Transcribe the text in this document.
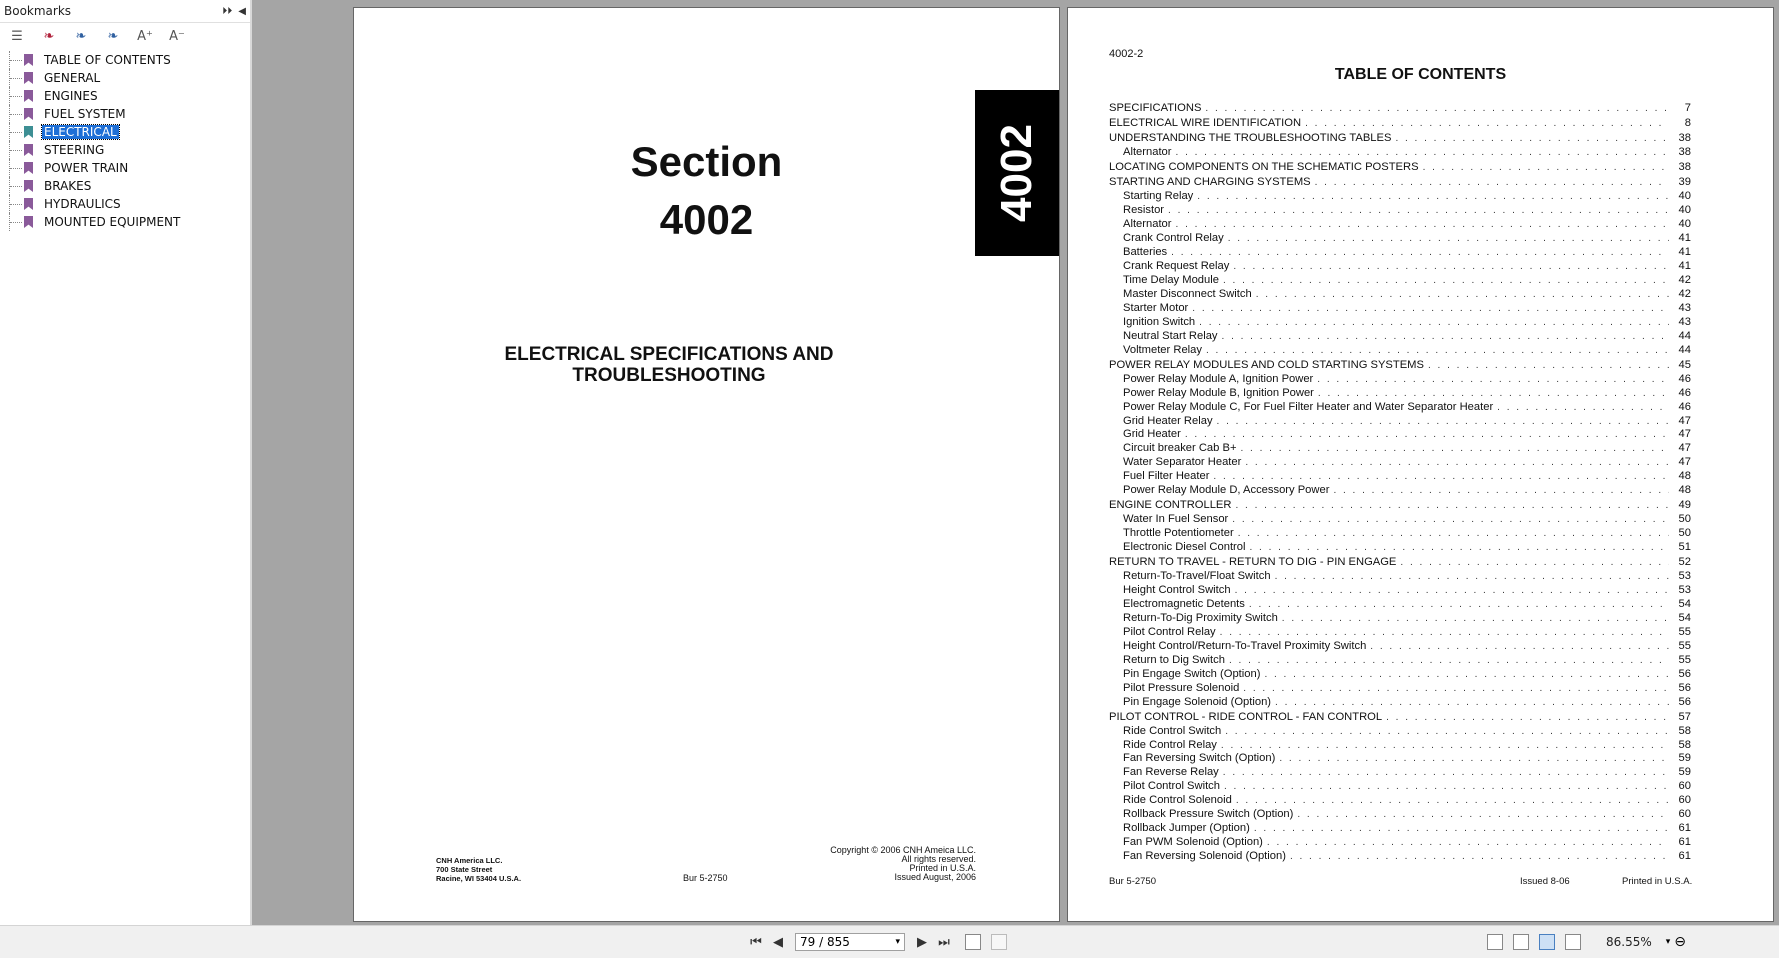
Bookmarks	⏵⏵ ◀
☰ ❧ ❧ ❧ A⁺ A⁻
TABLE OF CONTENTS
GENERAL
ENGINES
FUEL SYSTEM
ELECTRICAL
STEERING
POWER TRAIN
BRAKES
HYDRAULICS
MOUNTED EQUIPMENT
4002
Section
4002
ELECTRICAL SPECIFICATIONS AND
TROUBLESHOOTING
CNH America LLC.
700 State Street
Racine, WI 53404 U.S.A.	Bur 5-2750
Copyright © 2006 CNH Ameica LLC.
All rights reserved.
Printed in U.S.A.
Issued August, 2006
4002-2
TABLE OF CONTENTS
SPECIFICATIONS . . .	7
ELECTRICAL WIRE IDENTIFICATION . . .	8
UNDERSTANDING THE TROUBLESHOOTING TABLES . . .	38
Alternator . . .	38
LOCATING COMPONENTS ON THE SCHEMATIC POSTERS . . .	38
STARTING AND CHARGING SYSTEMS . . .	39
Starting Relay . . .	40
Resistor . . .	40
Alternator . . .	40
Crank Control Relay . . .	41
Batteries . . .	41
Crank Request Relay . . .	41
Time Delay Module . . .	42
Master Disconnect Switch . . .	42
Starter Motor . . .	43
Ignition Switch . . .	43
Neutral Start Relay . . .	44
Voltmeter Relay . . .	44
POWER RELAY MODULES AND COLD STARTING SYSTEMS . . .	45
Power Relay Module A, Ignition Power . . .	46
Power Relay Module B, Ignition Power . . .	46
Power Relay Module C, For Fuel Filter Heater and Water Separator Heater . . .	46
Grid Heater Relay . . .	47
Grid Heater . . .	47
Circuit breaker Cab B+ . . .	47
Water Separator Heater . . .	47
Fuel Filter Heater . . .	48
Power Relay Module D, Accessory Power . . .	48
ENGINE CONTROLLER . . .	49
Water In Fuel Sensor . . .	50
Throttle Potentiometer . . .	50
Electronic Diesel Control . . .	51
RETURN TO TRAVEL - RETURN TO DIG - PIN ENGAGE . . .	52
Return-To-Travel/Float Switch . . .	53
Height Control Switch . . .	53
Electromagnetic Detents . . .	54
Return-To-Dig Proximity Switch . . .	54
Pilot Control Relay . . .	55
Height Control/Return-To-Travel Proximity Switch . . .	55
Return to Dig Switch . . .	55
Pin Engage Switch (Option) . . .	56
Pilot Pressure Solenoid . . .	56
Pin Engage Solenoid (Option) . . .	56
PILOT CONTROL - RIDE CONTROL - FAN CONTROL . . .	57
Ride Control Switch . . .	58
Ride Control Relay . . .	58
Fan Reversing Switch (Option) . . .	59
Fan Reverse Relay . . .	59
Pilot Control Switch . . .	60
Ride Control Solenoid . . .	60
Rollback Pressure Switch (Option) . . .	60
Rollback Jumper (Option) . . .	61
Fan PWM Solenoid (Option) . . .	61
Fan Reversing Solenoid (Option) . . .	61
Bur 5-2750	Issued 8-06	Printed in U.S.A.
⏮ ◀	79 / 855	▾	▶ ⏭	86.55% ▾ ⊖
